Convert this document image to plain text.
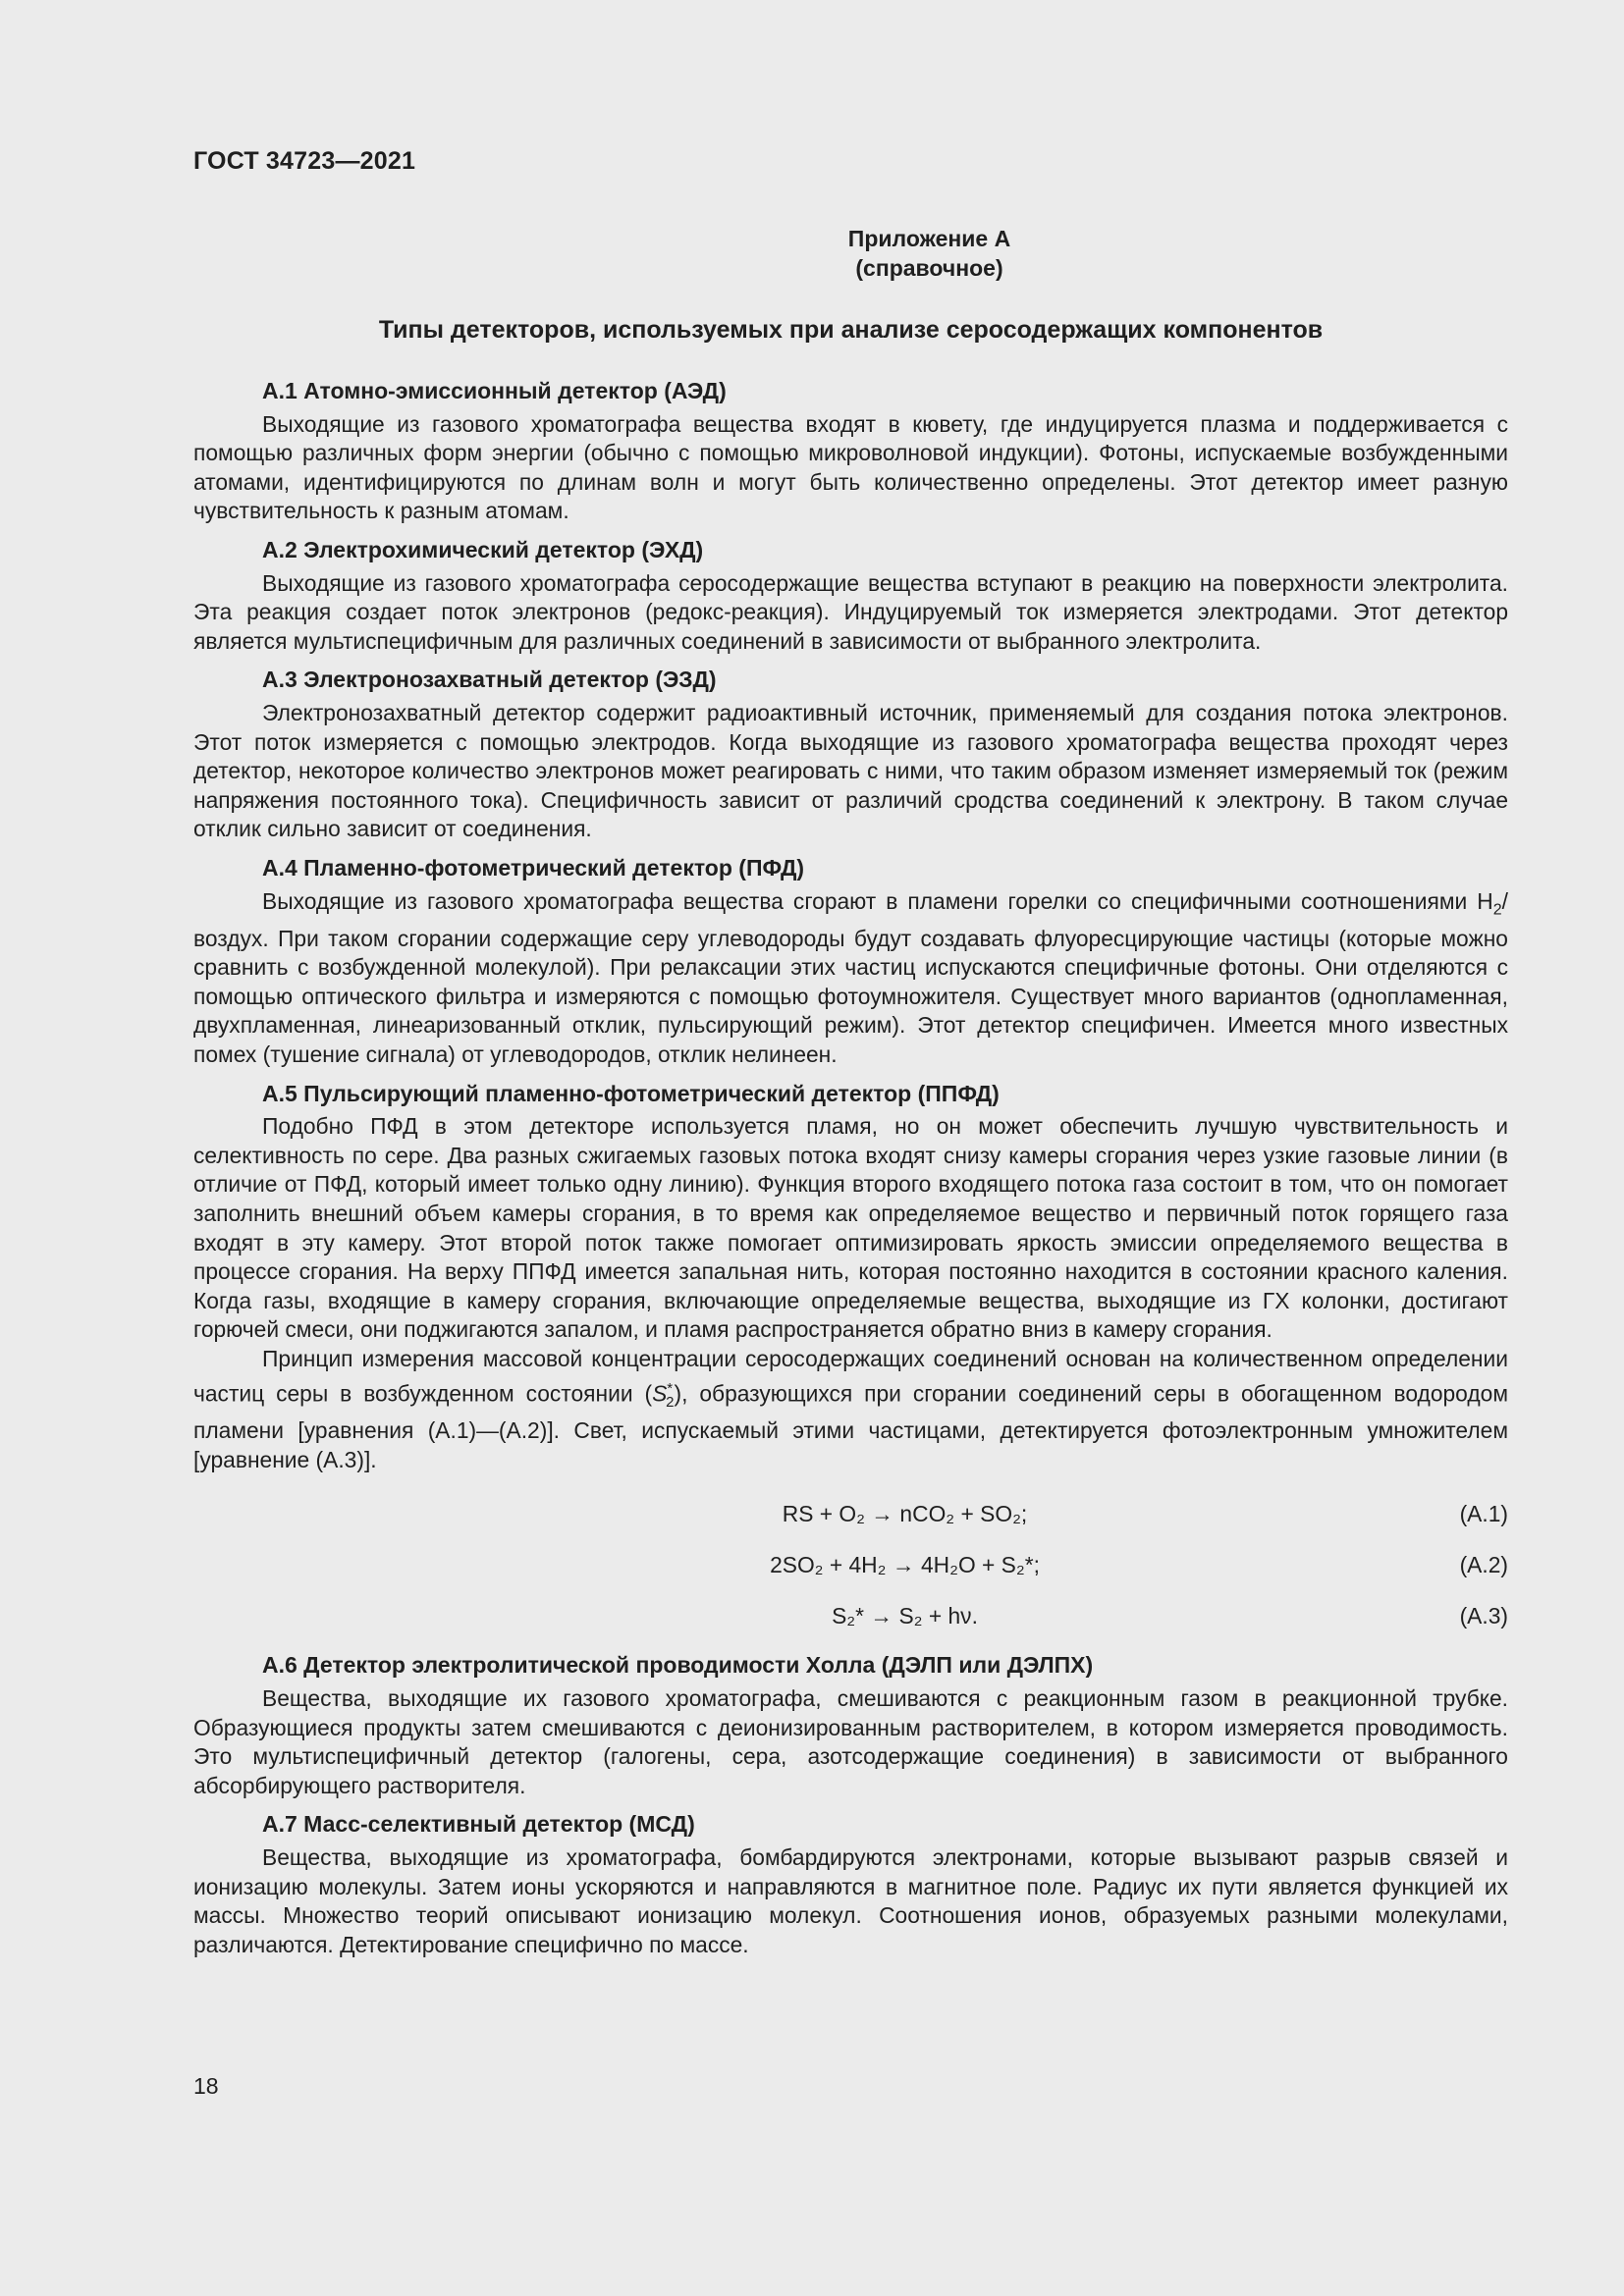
ГОСТ 34723—2021
Приложение А
(справочное)
Типы детекторов, используемых при анализе серосодержащих компонентов
А.1 Атомно-эмиссионный детектор (АЭД)

Выходящие из газового хроматографа вещества входят в кювету, где индуцируется плазма и поддерживается с помощью различных форм энергии (обычно с помощью микроволновой индукции). Фотоны, испускаемые возбужденными атомами, идентифицируются по длинам волн и могут быть количественно определены. Этот детектор имеет разную чувствительность к разным атомам.

А.2 Электрохимический детектор (ЭХД)

Выходящие из газового хроматографа серосодержащие вещества вступают в реакцию на поверхности электролита. Эта реакция создает поток электронов (редокс-реакция). Индуцируемый ток измеряется электродами. Этот детектор является мультиспецифичным для различных соединений в зависимости от выбранного электролита.

А.3 Электронозахватный детектор (ЭЗД)

Электронозахватный детектор содержит радиоактивный источник, применяемый для создания потока электронов. Этот поток измеряется с помощью электродов. Когда выходящие из газового хроматографа вещества проходят через детектор, некоторое количество электронов может реагировать с ними, что таким образом изменяет измеряемый ток (режим напряжения постоянного тока). Специфичность зависит от различий сродства соединений к электрону. В таком случае отклик сильно зависит от соединения.

А.4 Пламенно-фотометрический детектор (ПФД)

Выходящие из газового хроматографа вещества сгорают в пламени горелки со специфичными соотношениями $H_2$/воздух. При таком сгорании содержащие серу углеводороды будут создавать флуоресцирующие частицы (которые можно сравнить с возбужденной молекулой). При релаксации этих частиц испускаются специфичные фотоны. Они отделяются с помощью оптического фильтра и измеряются с помощью фотоумножителя. Существует много вариантов (однопламенная, двухпламенная, линеаризованный отклик, пульсирующий режим). Этот детектор специфичен. Имеется много известных помех (тушение сигнала) от углеводородов, отклик нелинеен.

А.5 Пульсирующий пламенно-фотометрический детектор (ППФД)

Подобно ПФД в этом детекторе используется пламя, но он может обеспечить лучшую чувствительность и селективность по сере. Два разных сжигаемых газовых потока входят снизу камеры сгорания через узкие газовые линии (в отличие от ПФД, который имеет только одну линию). Функция второго входящего потока газа состоит в том, что он помогает заполнить внешний объем камеры сгорания, в то время как определяемое вещество и первичный поток горящего газа входят в эту камеру. Этот второй поток также помогает оптимизировать яркость эмиссии определяемого вещества в процессе сгорания. На верху ППФД имеется запальная нить, которая постоянно находится в состоянии красного каления. Когда газы, входящие в камеру сгорания, включающие определяемые вещества, выходящие из ГХ колонки, достигают горючей смеси, они поджигаются запалом, и пламя распространяется обратно вниз в камеру сгорания.

Принцип измерения массовой концентрации серосодержащих соединений основан на количественном определении частиц серы в возбужденном состоянии $(S^*_2)$, образующихся при сгорании соединений серы в обогащенном водородом пламени [уравнения (А.1)—(А.2)]. Свет, испускаемый этими частицами, детектируется фотоэлектронным умножителем [уравнение (А.3)].

RS + O₂ → nCO₂ + SO₂;	(А.1)
2SO₂ + 4H₂ → 4H₂O + S₂*;	(А.2)
S₂* → S₂ + hν.	(А.3)
А.6 Детектор электролитической проводимости Холла (ДЭЛП или ДЭЛПХ)

Вещества, выходящие их газового хроматографа, смешиваются с реакционным газом в реакционной трубке. Образующиеся продукты затем смешиваются с деионизированным растворителем, в котором измеряется проводимость. Это мультиспецифичный детектор (галогены, сера, азотсодержащие соединения) в зависимости от выбранного абсорбирующего растворителя.

А.7 Масс-селективный детектор (МСД)

Вещества, выходящие из хроматографа, бомбардируются электронами, которые вызывают разрыв связей и ионизацию молекулы. Затем ионы ускоряются и направляются в магнитное поле. Радиус их пути является функцией их массы. Множество теорий описывают ионизацию молекул. Соотношения ионов, образуемых разными молекулами, различаются. Детектирование специфично по массе.

18
